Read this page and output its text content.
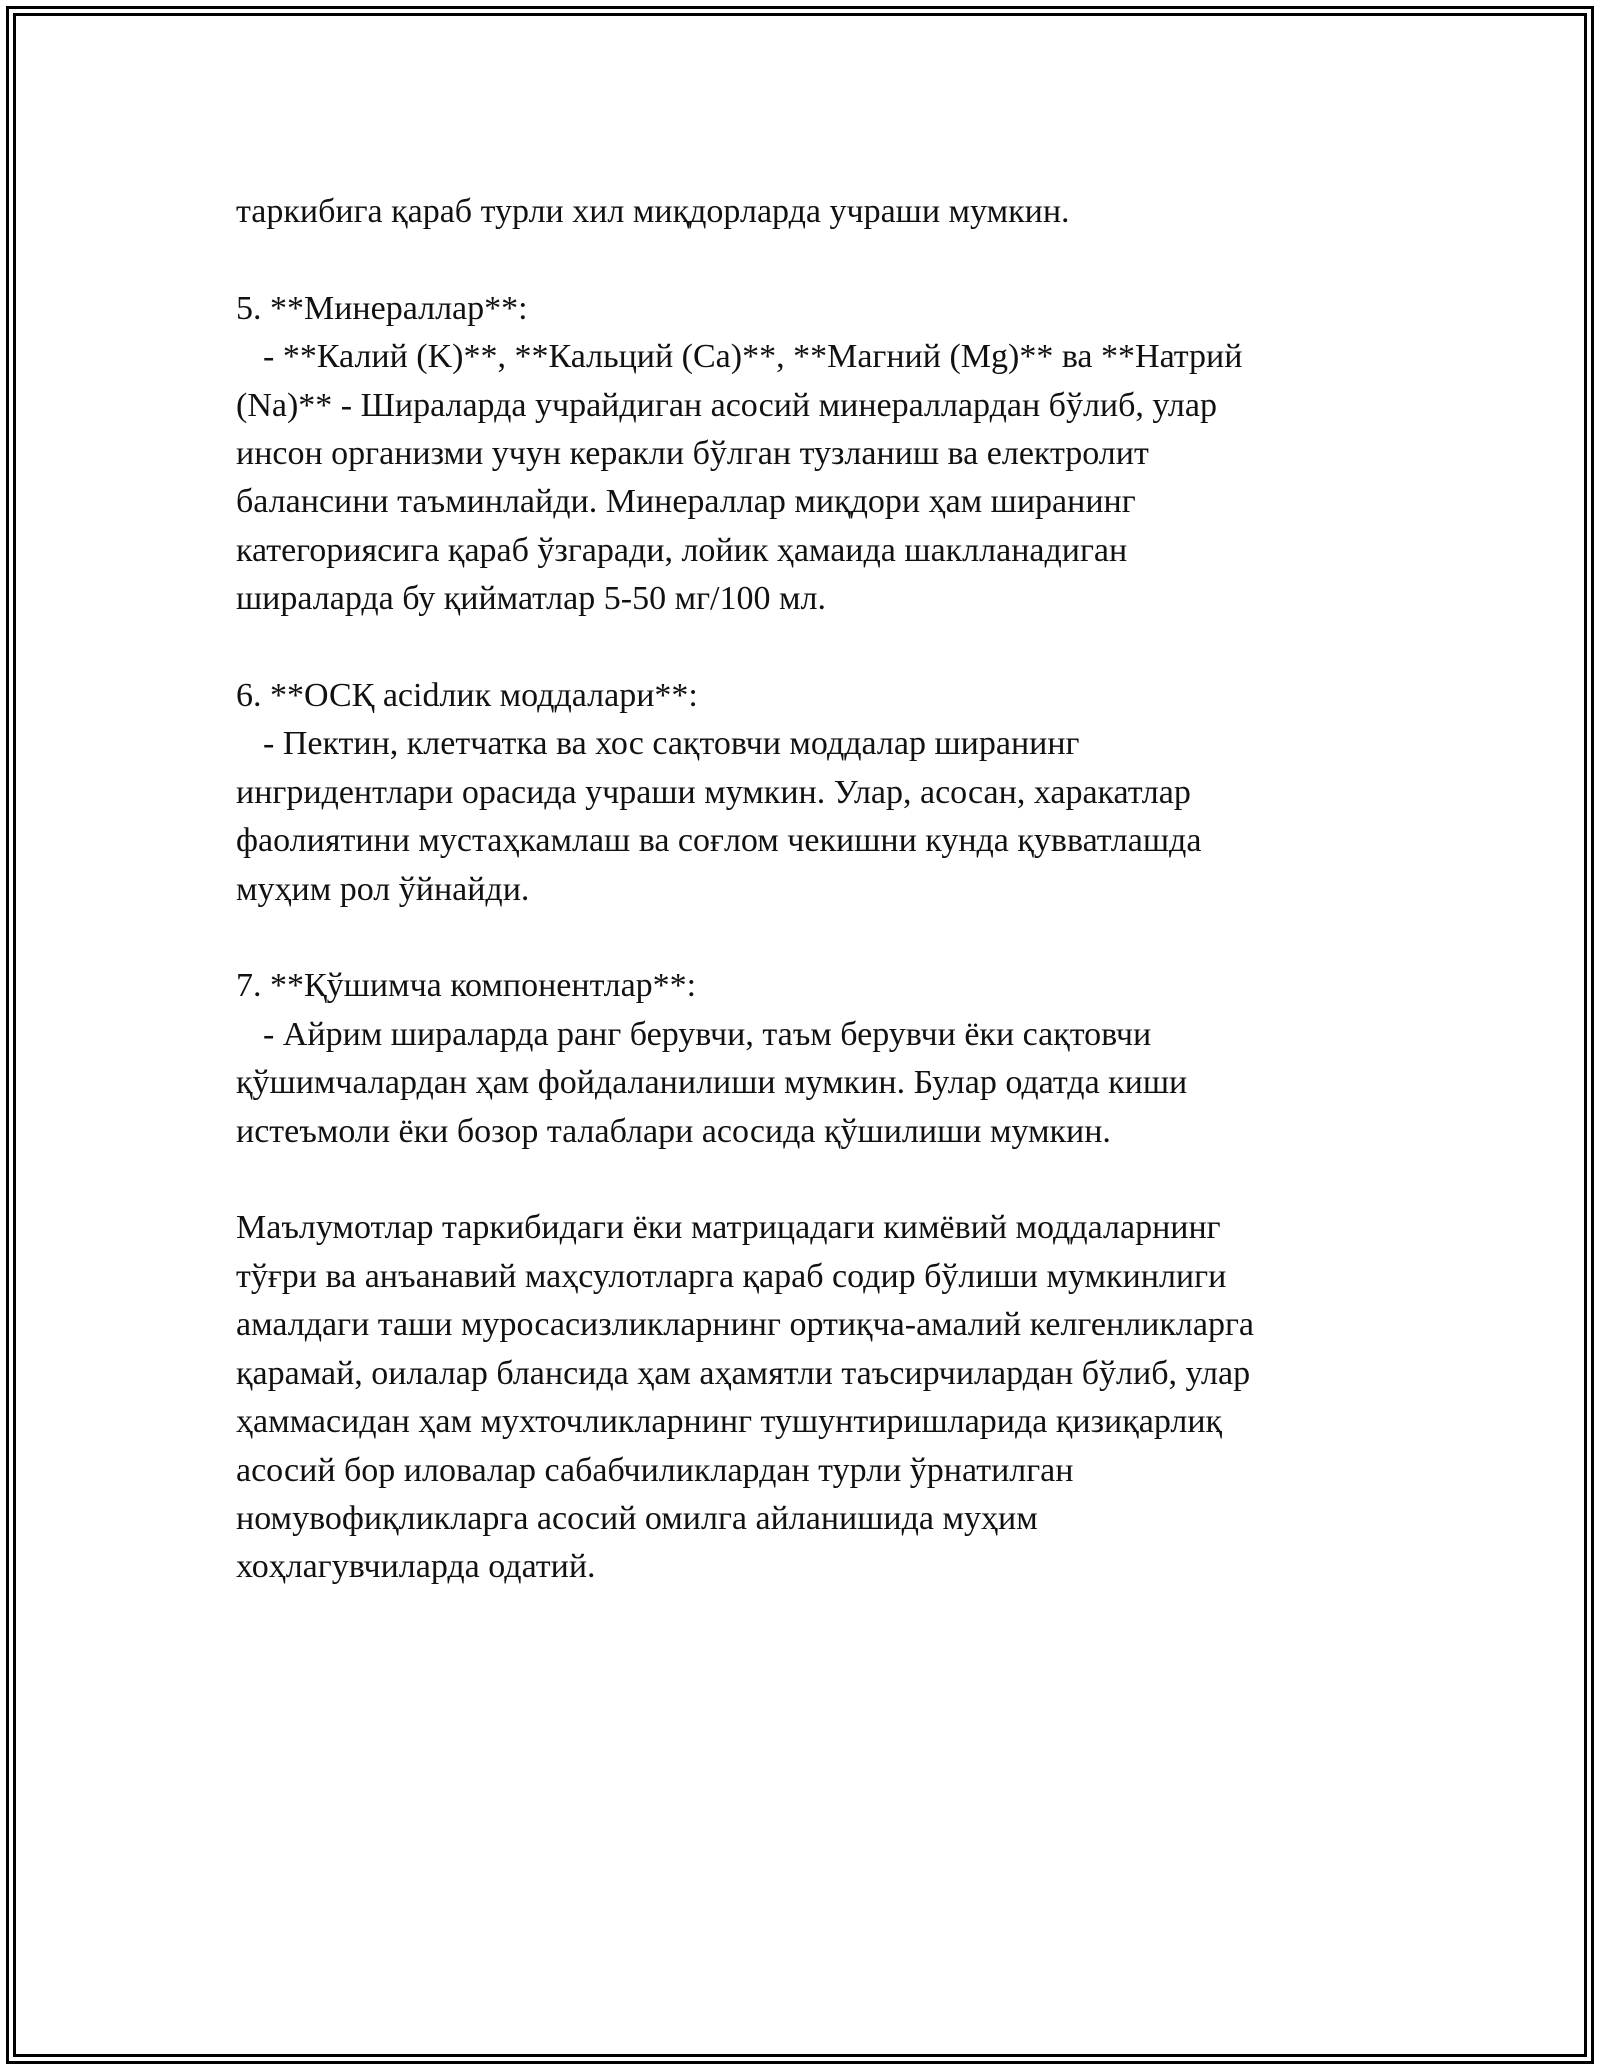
таркибига қараб турли хил миқдорларда учраши мумкин.

5. **Минераллар**:

- **Калий (K)**, **Кальций (Ca)**, **Магний (Mg)** ва **Натрий

(Na)** - Шираларда учрайдиган асосий минераллардан бўлиб, улар

инсон организми учун керакли бўлган тузланиш ва електролит

балансини таъминлайди. Минераллар миқдори ҳам ширанинг

категориясига қараб ўзгаради, лойик ҳамаида шаклланадиган

шираларда бу қийматлар 5-50 мг/100 мл.

6. **ОСҚ acidлик моддалари**:

- Пектин, клетчатка ва хос сақтовчи моддалар ширанинг

ингридентлари орасида учраши мумкин. Улар, асосан, харакатлар

фаолиятини мустаҳкамлаш ва соғлом чекишни кунда қувватлашда

муҳим рол ўйнайди.

7. **Қўшимча компонентлар**:

- Айрим шираларда ранг берувчи, таъм берувчи ёки сақтовчи

қўшимчалардан ҳам фойдаланилиши мумкин. Булар одатда киши

истеъмоли ёки бозор талаблари асосида қўшилиши мумкин.

Маълумотлар таркибидаги ёки матрицадаги кимёвий моддаларнинг

тўғри ва анъанавий маҳсулотларга қараб содир бўлиши мумкинлиги

амалдаги таши муросасизликларнинг ортиқча-амалий келгенликларга

қарамай, оилалар блансида ҳам аҳамятли таъсирчилардан бўлиб, улар

ҳаммасидан ҳам мухточликларнинг тушунтиришларида қизиқарлиқ

асосий бор иловалар сабабчиликлардан турли ўрнатилган

номувофиқликларга асосий омилга айланишида муҳим

хоҳлагувчиларда одатий.
